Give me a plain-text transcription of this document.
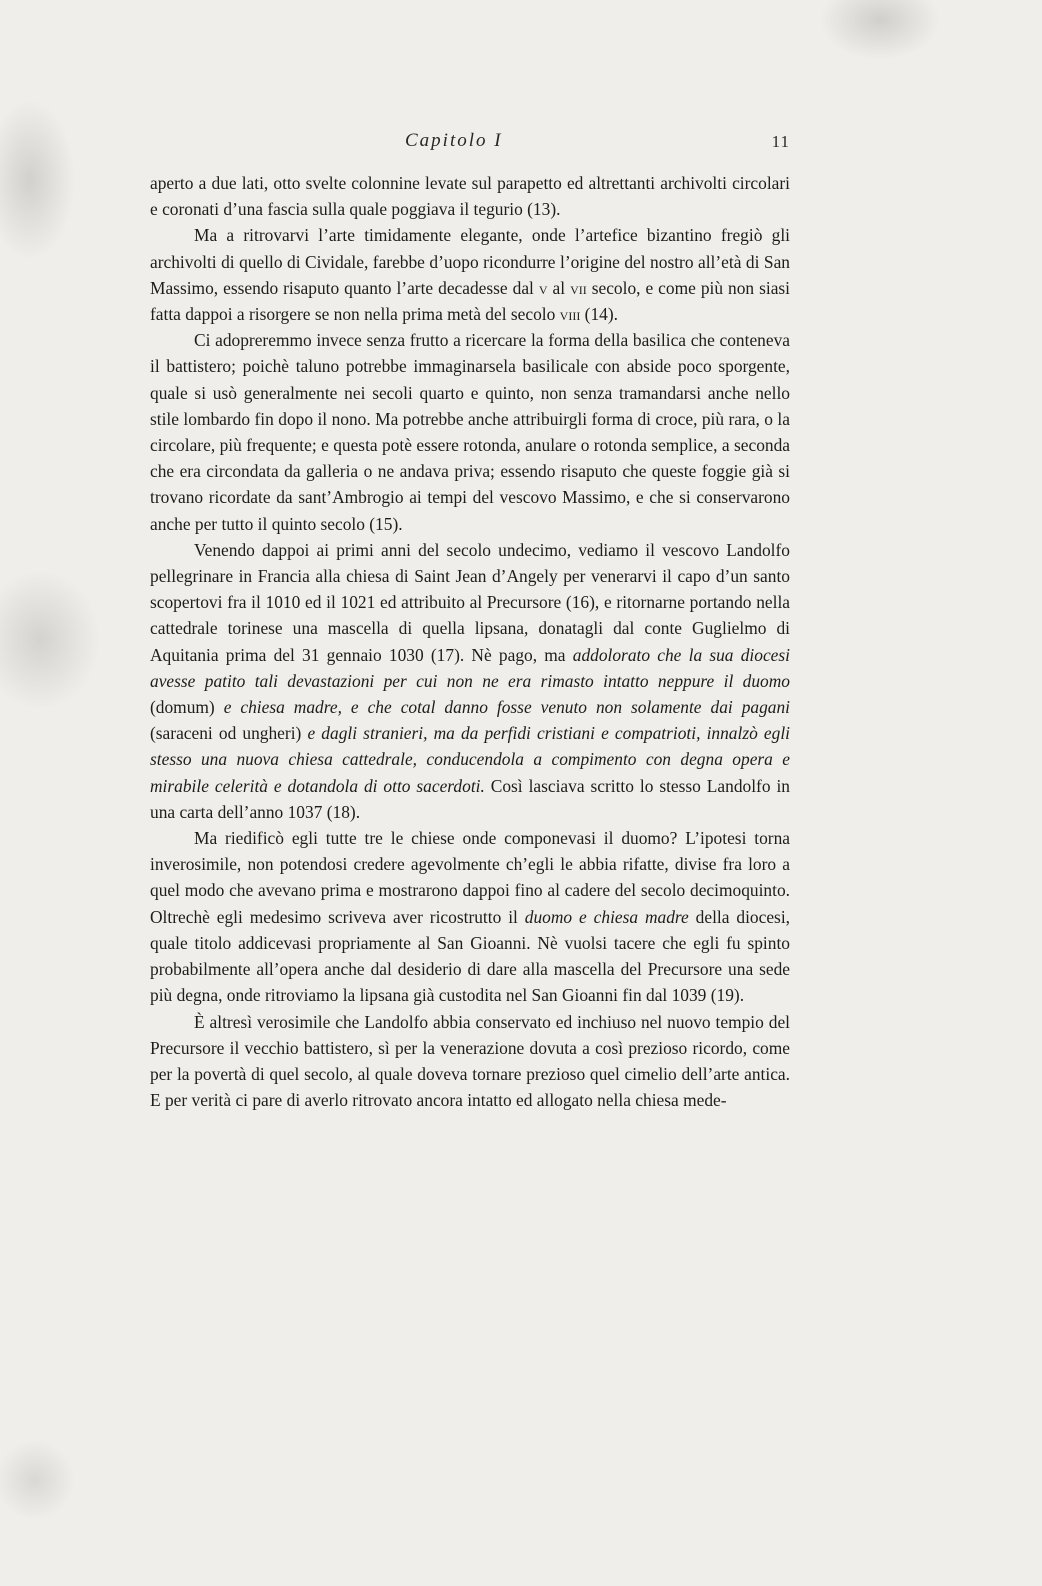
Capitolo I	11

aperto a due lati, otto svelte colonnine levate sul parapetto ed altrettanti archivolti circolari e coronati d’una fascia sulla quale poggiava il tegurio (13).

Ma a ritrovarvi l’arte timidamente elegante, onde l’artefice bizantino fregiò gli archivolti di quello di Cividale, farebbe d’uopo ricondurre l’origine del nostro all’età di San Massimo, essendo risaputo quanto l’arte decadesse dal v al vii secolo, e come più non siasi fatta dappoi a risorgere se non nella prima metà del secolo viii (14).

Ci adopreremmo invece senza frutto a ricercare la forma della basilica che conteneva il battistero; poichè taluno potrebbe immaginarsela basilicale con abside poco sporgente, quale si usò generalmente nei secoli quarto e quinto, non senza tramandarsi anche nello stile lombardo fin dopo il nono. Ma potrebbe anche attribuirgli forma di croce, più rara, o la circolare, più frequente; e questa potè essere rotonda, anulare o rotonda semplice, a seconda che era circondata da galleria o ne andava priva; essendo risaputo che queste foggie già si trovano ricordate da sant’Ambrogio ai tempi del vescovo Massimo, e che si conservarono anche per tutto il quinto secolo (15).

Venendo dappoi ai primi anni del secolo undecimo, vediamo il vescovo Landolfo pellegrinare in Francia alla chiesa di Saint Jean d’Angely per venerarvi il capo d’un santo scopertovi fra il 1010 ed il 1021 ed attribuito al Precursore (16), e ritornarne portando nella cattedrale torinese una mascella di quella lipsana, donatagli dal conte Guglielmo di Aquitania prima del 31 gennaio 1030 (17). Nè pago, ma addolorato che la sua diocesi avesse patito tali devastazioni per cui non ne era rimasto intatto neppure il duomo (domum) e chiesa madre, e che cotal danno fosse venuto non solamente dai pagani (saraceni od ungheri) e dagli stranieri, ma da perfidi cristiani e compatrioti, innalzò egli stesso una nuova chiesa cattedrale, conducendola a compimento con degna opera e mirabile celerità e dotandola di otto sacerdoti. Così lasciava scritto lo stesso Landolfo in una carta dell’anno 1037 (18).

Ma riedificò egli tutte tre le chiese onde componevasi il duomo? L’ipotesi torna inverosimile, non potendosi credere agevolmente ch’egli le abbia rifatte, divise fra loro a quel modo che avevano prima e mostrarono dappoi fino al cadere del secolo decimoquinto. Oltrechè egli medesimo scriveva aver ricostrutto il duomo e chiesa madre della diocesi, quale titolo addicevasi propriamente al San Gioanni. Nè vuolsi tacere che egli fu spinto probabilmente all’opera anche dal desiderio di dare alla mascella del Precursore una sede più degna, onde ritroviamo la lipsana già custodita nel San Gioanni fin dal 1039 (19).

È altresì verosimile che Landolfo abbia conservato ed inchiuso nel nuovo tempio del Precursore il vecchio battistero, sì per la venerazione dovuta a così prezioso ricordo, come per la povertà di quel secolo, al quale doveva tornare prezioso quel cimelio dell’arte antica. E per verità ci pare di averlo ritrovato ancora intatto ed allogato nella chiesa mede-
